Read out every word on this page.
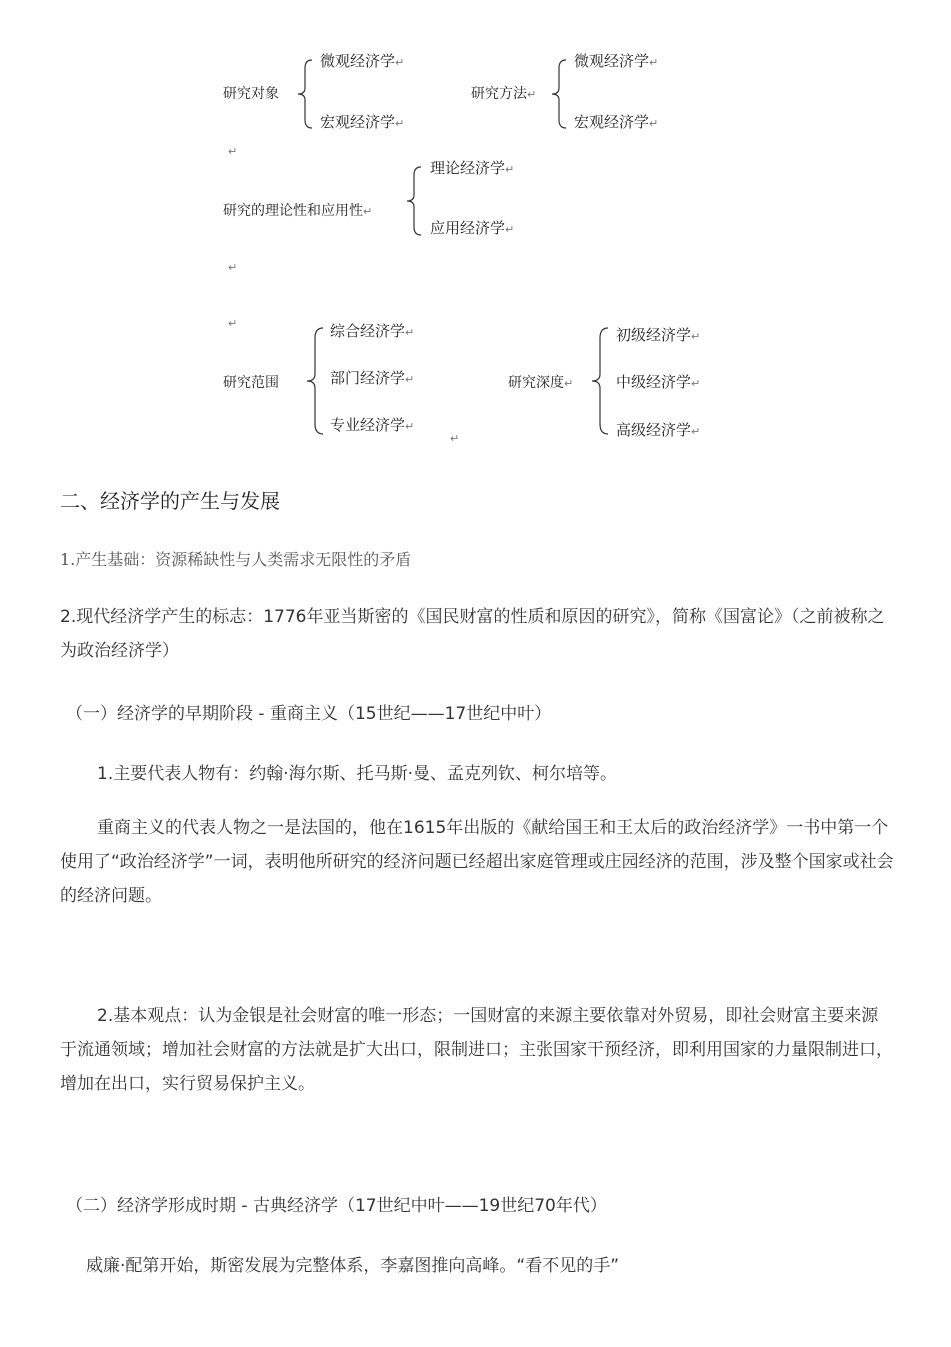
研究对象
微观经济学↵
宏观经济学↵
研究方法↵
微观经济学↵
宏观经济学↵
↵
研究的理论性和应用性↵
理论经济学↵
应用经济学↵
↵
↵
研究范围
综合经济学↵
部门经济学↵
专业经济学↵
研究深度↵
初级经济学↵
中级经济学↵
高级经济学↵
↵
二、经济学的产生与发展
1.产生基础：资源稀缺性与人类需求无限性的矛盾
2.现代经济学产生的标志：1776年亚当斯密的《国民财富的性质和原因的研究》，简称《国富论》（之前被称之为政治经济学）
（一）经济学的早期阶段 - 重商主义（15世纪——17世纪中叶）
1.主要代表人物有：约翰·海尔斯、托马斯·曼、孟克列钦、柯尔培等。
重商主义的代表人物之一是法国的，他在1615年出版的《献给国王和王太后的政治经济学》一书中第一个使用了“政治经济学”一词，表明他所研究的经济问题已经超出家庭管理或庄园经济的范围，涉及整个国家或社会的经济问题。
2.基本观点：认为金银是社会财富的唯一形态；一国财富的来源主要依靠对外贸易，即社会财富主要来源于流通领域；增加社会财富的方法就是扩大出口，限制进口；主张国家干预经济，即利用国家的力量限制进口，增加在出口，实行贸易保护主义。
（二）经济学形成时期 - 古典经济学（17世纪中叶——19世纪70年代）
威廉·配第开始，斯密发展为完整体系，李嘉图推向高峰。“看不见的手”
